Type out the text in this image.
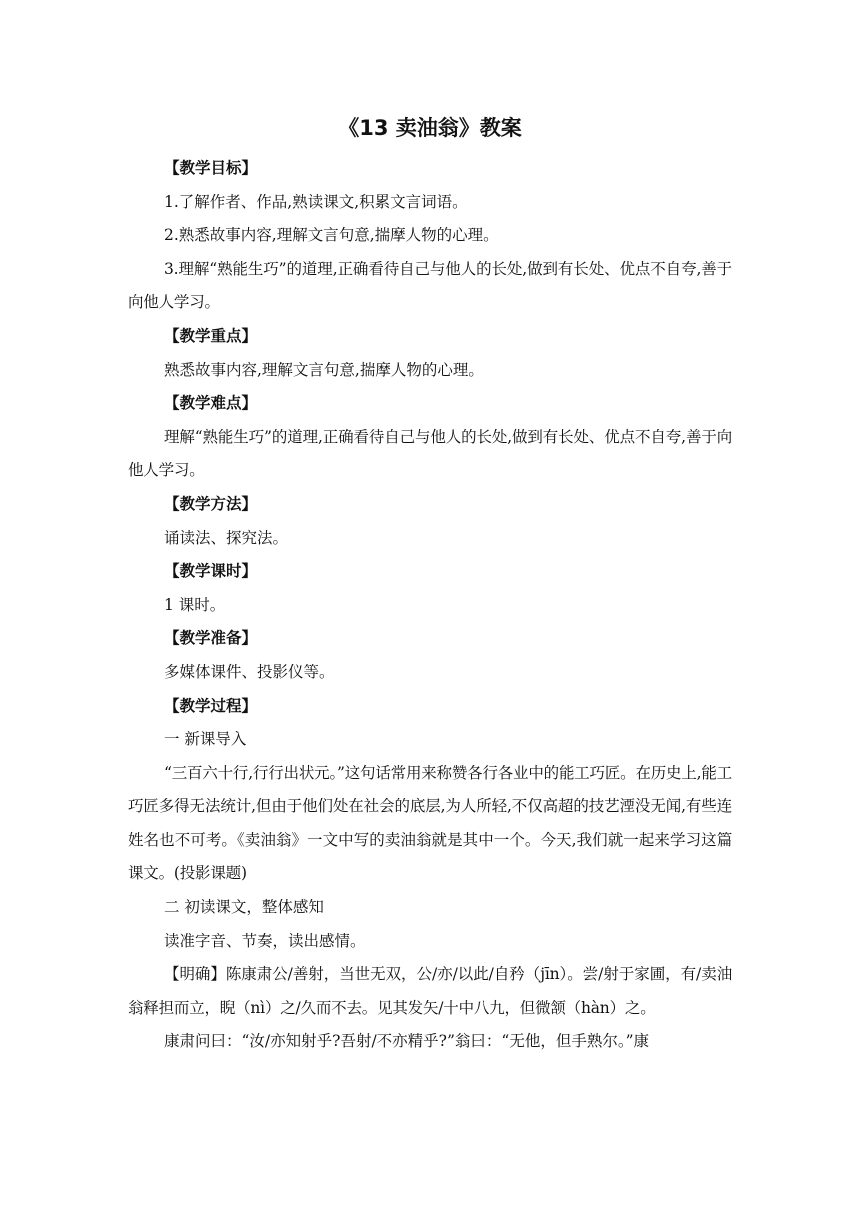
《13 卖油翁》教案

【教学目标】

1.了解作者、作品,熟读课文,积累文言词语。

2.熟悉故事内容,理解文言句意,揣摩人物的心理。

3.理解“熟能生巧”的道理,正确看待自己与他人的长处,做到有长处、优点不自夸,善于向他人学习。

【教学重点】

熟悉故事内容,理解文言句意,揣摩人物的心理。

【教学难点】

理解“熟能生巧”的道理,正确看待自己与他人的长处,做到有长处、优点不自夸,善于向他人学习。

【教学方法】

诵读法、探究法。

【教学课时】

1 课时。

【教学准备】

多媒体课件、投影仪等。

【教学过程】

一 新课导入

“三百六十行,行行出状元。”这句话常用来称赞各行各业中的能工巧匠。在历史上,能工巧匠多得无法统计,但由于他们处在社会的底层,为人所轻,不仅高超的技艺湮没无闻,有些连姓名也不可考。《卖油翁》一文中写的卖油翁就是其中一个。今天,我们就一起来学习这篇课文。(投影课题)

二 初读课文，整体感知

读准字音、节奏，读出感情。

【明确】陈康肃公/善射，当世无双，公/亦/以此/自矜（jīn）。尝/射于家圃，有/卖油翁释担而立，睨（nì）之/久而不去。见其发矢/十中八九，但微颔（hàn）之。

康肃问曰：“汝/亦知射乎?吾射/不亦精乎?”翁曰：“无他，但手熟尔。”康
